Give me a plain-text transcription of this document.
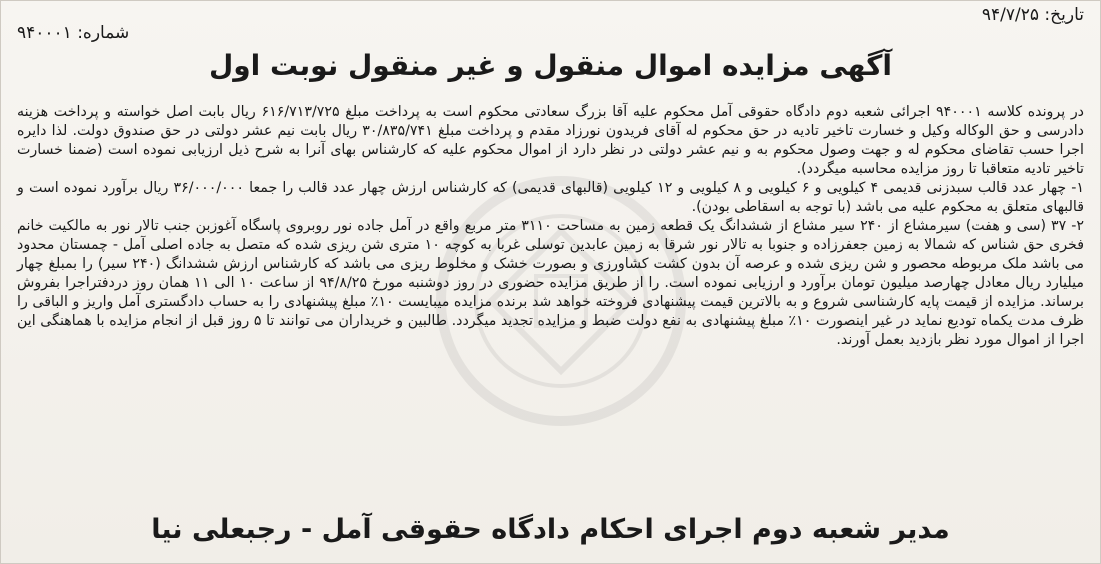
تاریخ: ۹۴/۷/۲۵
شماره: ۹۴۰۰۰۱
آگهی مزایده اموال منقول و غیر منقول نوبت اول

در پرونده کلاسه ۹۴۰۰۰۱ اجرائی شعبه دوم دادگاه حقوقی آمل محکوم علیه آقا بزرگ سعادتی محکوم است به پرداخت مبلغ ۶۱۶/۷۱۳/۷۲۵ ریال بابت اصل خواسته و پرداخت هزینه دادرسی و حق الوکاله وکیل و خسارت تاخیر تادیه در حق محکوم له آقای فریدون نورزاد مقدم و پرداخت مبلغ ۳۰/۸۳۵/۷۴۱ ریال بابت نیم عشر دولتی در حق صندوق دولت. لذا دایره اجرا حسب تقاضای محکوم له و جهت وصول محکوم به و نیم عشر دولتی در نظر دارد از اموال محکوم علیه که کارشناس بهای آنرا به شرح ذیل ارزیابی نموده است (ضمنا خسارت تاخیر تادیه متعاقبا تا روز مزایده محاسبه میگردد).

۱- چهار عدد قالب سبدزنی قدیمی ۴ کیلویی و ۶ کیلویی و ۸ کیلویی و ۱۲ کیلویی (قالبهای قدیمی) که کارشناس ارزش چهار عدد قالب را جمعا ۳۶/۰۰۰/۰۰۰ ریال برآورد نموده است و قالبهای متعلق به محکوم علیه می باشد (با توجه به اسقاطی بودن).

۲- ۳۷ (سی و هفت) سیرمشاع از ۲۴۰ سیر مشاع از ششدانگ یک قطعه زمین به مساحت ۳۱۱۰ متر مربع واقع در آمل جاده نور روبروی پاسگاه آغوزبن جنب تالار نور به مالکیت خانم فخری حق شناس که شمالا به زمین جعفرزاده و جنوبا به تالار نور شرقا به زمین عابدین توسلی غربا به کوچه ۱۰ متری شن ریزی شده که متصل به جاده اصلی آمل - چمستان محدود می باشد ملک مربوطه محصور و شن ریزی شده و عرصه آن بدون کشت کشاورزی و بصورت خشک و مخلوط ریزی می باشد که کارشناس ارزش ششدانگ (۲۴۰ سیر) را بمبلغ چهار میلیارد ریال معادل چهارصد میلیون تومان برآورد و ارزیابی نموده است. را از طریق مزایده حضوری در روز دوشنبه مورخ ۹۴/۸/۲۵ از ساعت ۱۰ الی ۱۱ همان روز دردفتراجرا بفروش برساند. مزایده از قیمت پایه کارشناسی شروع و به بالاترین قیمت پیشنهادی فروخته خواهد شد برنده مزایده میبایست ۱۰٪ مبلغ پیشنهادی را به حساب دادگستری آمل واریز و الباقی را ظرف مدت یکماه تودیع نماید در غیر اینصورت ۱۰٪ مبلغ پیشنهادی به نفع دولت ضبط و مزایده تجدید میگردد. طالبین و خریداران می توانند تا ۵ روز قبل از انجام مزایده با هماهنگی این اجرا از اموال مورد نظر بازدید بعمل آورند.

مدیر شعبه دوم اجرای احکام دادگاه حقوقی آمل - رجبعلی نیا
